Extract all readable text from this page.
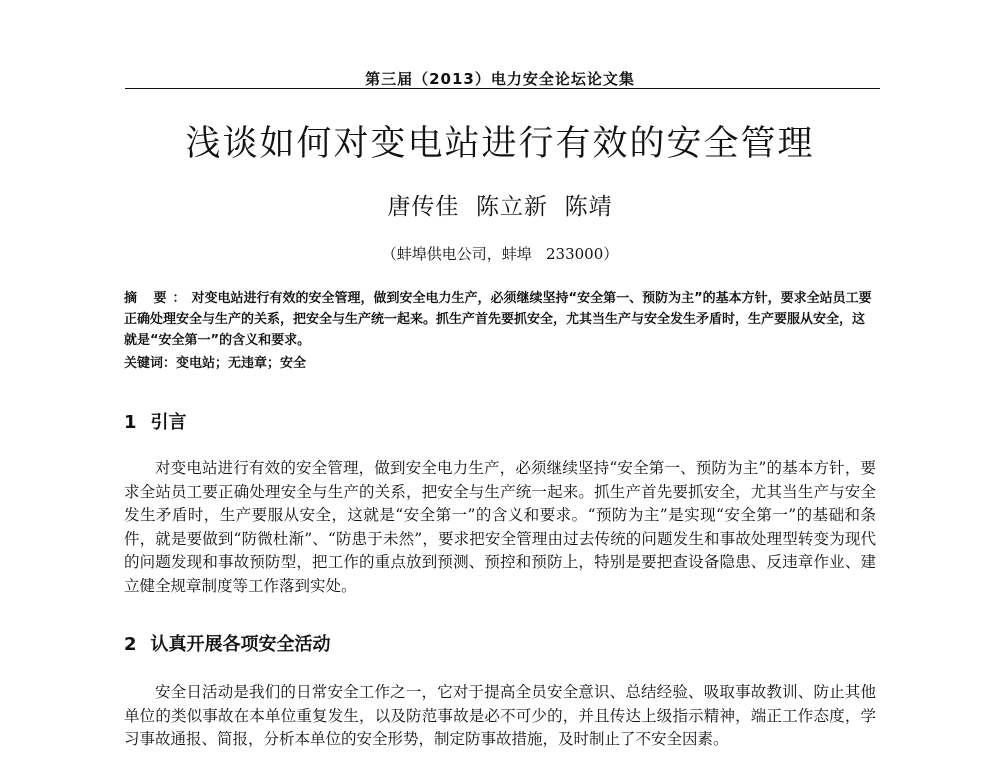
第三届（2013）电力安全论坛论文集
浅谈如何对变电站进行有效的安全管理
唐传佳  陈立新  陈靖
（蚌埠供电公司，蚌埠   233000）
摘 要：对变电站进行有效的安全管理，做到安全电力生产，必须继续坚持“安全第一、预防为主”的基本方针，要求全站员工要正确处理安全与生产的关系，把安全与生产统一起来。抓生产首先要抓安全，尤其当生产与安全发生矛盾时，生产要服从安全，这就是“安全第一”的含义和要求。
关键词：变电站；无违章；安全
1 引言

对变电站进行有效的安全管理，做到安全电力生产，必须继续坚持“安全第一、预防为主”的基本方针，要求全站员工要正确处理安全与生产的关系，把安全与生产统一起来。抓生产首先要抓安全，尤其当生产与安全发生矛盾时，生产要服从安全，这就是“安全第一”的含义和要求。“预防为主”是实现“安全第一”的基础和条件，就是要做到“防微杜渐”、“防患于未然”，要求把安全管理由过去传统的问题发生和事故处理型转变为现代的问题发现和事故预防型，把工作的重点放到预测、预控和预防上，特别是要把查设备隐患、反违章作业、建立健全规章制度等工作落到实处。

2 认真开展各项安全活动

安全日活动是我们的日常安全工作之一，它对于提高全员安全意识、总结经验、吸取事故教训、防止其他单位的类似事故在本单位重复发生，以及防范事故是必不可少的，并且传达上级指示精神，端正工作态度，学习事故通报、简报，分析本单位的安全形势，制定防事故措施，及时制止了不安全因素。
